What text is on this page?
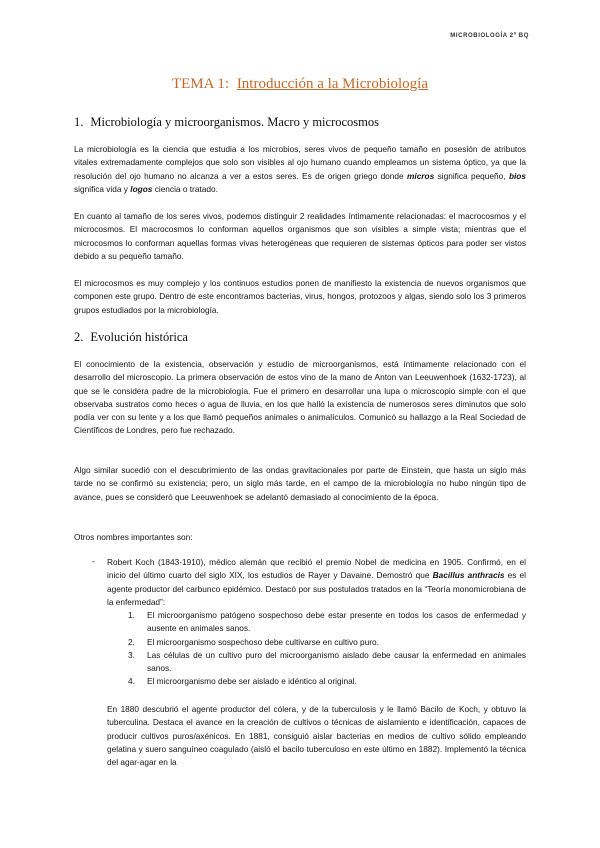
MICROBIOLOGÍA 2º BQ
TEMA 1: Introducción a la Microbiología
1. Microbiología y microorganismos. Macro y microcosmos

La microbiología es la ciencia que estudia a los microbios, seres vivos de pequeño tamaño en posesión de atributos vitales extremadamente complejos que solo son visibles al ojo humano cuando empleamos un sistema óptico, ya que la resolución del ojo humano no alcanza a ver a estos seres. Es de origen griego donde micros significa pequeño, bios significa vida y logos ciencia o tratado.

En cuanto al tamaño de los seres vivos, podemos distinguir 2 realidades íntimamente relacionadas: el macrocosmos y el microcosmos. El macrocosmos lo conforman aquellos organismos que son visibles a simple vista; mientras que el microcosmos lo conforman aquellas formas vivas heterogéneas que requieren de sistemas ópticos para poder ser vistos debido a su pequeño tamaño.

El microcosmos es muy complejo y los continuos estudios ponen de manifiesto la existencia de nuevos organismos que componen este grupo. Dentro de este encontramos bacterias, virus, hongos, protozoos y algas, siendo solo los 3 primeros grupos estudiados por la microbiología.

2. Evolución histórica

El conocimiento de la existencia, observación y estudio de microorganismos, está íntimamente relacionado con el desarrollo del microscopio. La primera observación de estos vino de la mano de Anton van Leeuwenhoek (1632-1723), al que se le considera padre de la microbiología. Fue el primero en desarrollar una lupa o microscopio simple con el que observaba sustratos como heces o agua de lluvia, en los que halló la existencia de numerosos seres diminutos que solo podía ver con su lente y a los que llamó pequeños animales o animalículos. Comunicó su hallazgo a la Real Sociedad de Científicos de Londres, pero fue rechazado.

Algo similar sucedió con el descubrimiento de las ondas gravitacionales por parte de Einstein, que hasta un siglo más tarde no se confirmó su existencia; pero, un siglo más tarde, en el campo de la microbiología no hubo ningún tipo de avance, pues se consideró que Leeuwenhoek se adelantó demasiado al conocimiento de la época.

Otros nombres importantes son:

- Robert Koch (1843-1910), médico alemán que recibió el premio Nobel de medicina en 1905. Confirmó, en el inicio del último cuarto del siglo XIX, los estudios de Rayer y Davaine. Demostró que Bacillus anthracis es el agente productor del carbunco epidémico. Destacó por sus postulados tratados en la “Teoría monomicrobiana de la enfermedad”:

1. El microorganismo patógeno sospechoso debe estar presente en todos los casos de enfermedad y ausente en animales sanos.
2. El microorganismo sospechoso debe cultivarse en cultivo puro.
3. Las células de un cultivo puro del microorganismo aislado debe causar la enfermedad en animales sanos.
4. El microorganismo debe ser aislado e idéntico al original.

En 1880 descubrió el agente productor del cólera, y de la tuberculosis y le llamó Bacilo de Koch, y obtuvo la tuberculina. Destaca el avance en la creación de cultivos o técnicas de aislamiento e identificación, capaces de producir cultivos puros/axénicos. En 1881, consiguió aislar bacterias en medios de cultivo sólido empleando gelatina y suero sanguíneo coagulado (aisló el bacilo tuberculoso en este último en 1882). Implementó la técnica del agar-agar en la
